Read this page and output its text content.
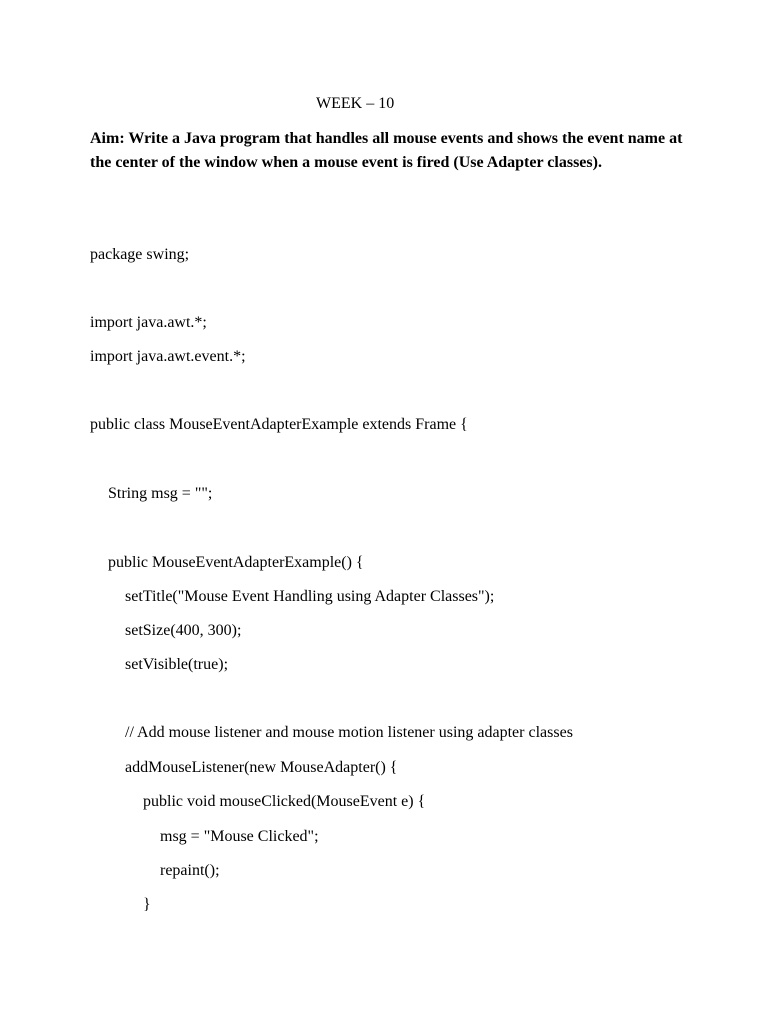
WEEK – 10
Aim: Write a Java program that handles all mouse events and shows the event name at the center of the window when a mouse event is fired (Use Adapter classes).
package swing;
import java.awt.*;
import java.awt.event.*;
public class MouseEventAdapterExample extends Frame {
String msg = "";
public MouseEventAdapterExample() {
setTitle("Mouse Event Handling using Adapter Classes");
setSize(400, 300);
setVisible(true);
// Add mouse listener and mouse motion listener using adapter classes
addMouseListener(new MouseAdapter() {
public void mouseClicked(MouseEvent e) {
msg = "Mouse Clicked";
repaint();
}
